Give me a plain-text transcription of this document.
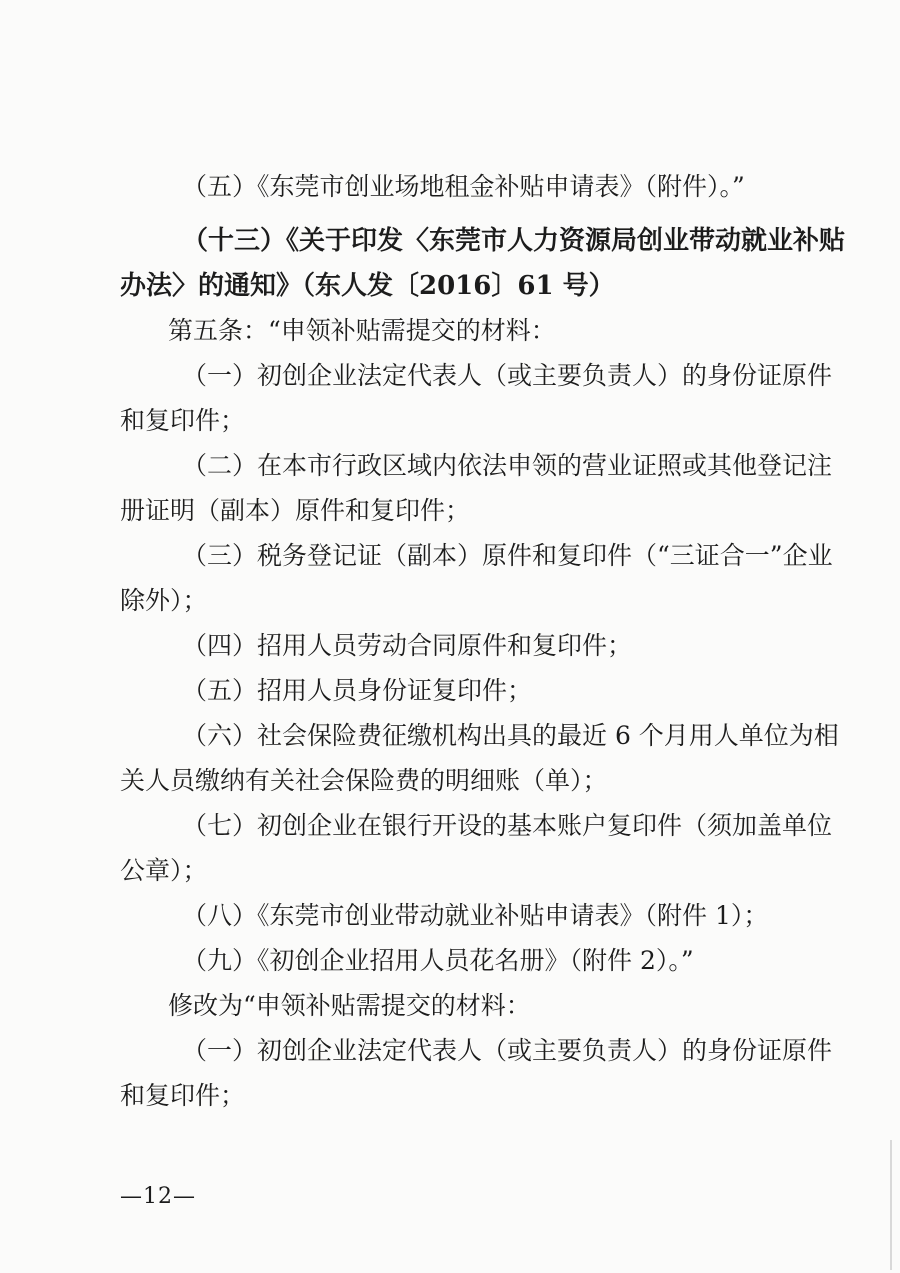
（五）《东莞市创业场地租金补贴申请表》（附件）。”
（十三）《关于印发〈东莞市人力资源局创业带动就业补贴
办法〉的通知》（东人发〔2016〕61 号）
第五条：“申领补贴需提交的材料：
（一）初创企业法定代表人（或主要负责人）的身份证原件
和复印件；
（二）在本市行政区域内依法申领的营业证照或其他登记注
册证明（副本）原件和复印件；
（三）税务登记证（副本）原件和复印件（“三证合一”企业
除外）；
（四）招用人员劳动合同原件和复印件；
（五）招用人员身份证复印件；
（六）社会保险费征缴机构出具的最近 6 个月用人单位为相
关人员缴纳有关社会保险费的明细账（单）；
（七）初创企业在银行开设的基本账户复印件（须加盖单位
公章）；
（八）《东莞市创业带动就业补贴申请表》（附件 1）；
（九）《初创企业招用人员花名册》（附件 2）。”
修改为“申领补贴需提交的材料：
（一）初创企业法定代表人（或主要负责人）的身份证原件
和复印件；
—12—
